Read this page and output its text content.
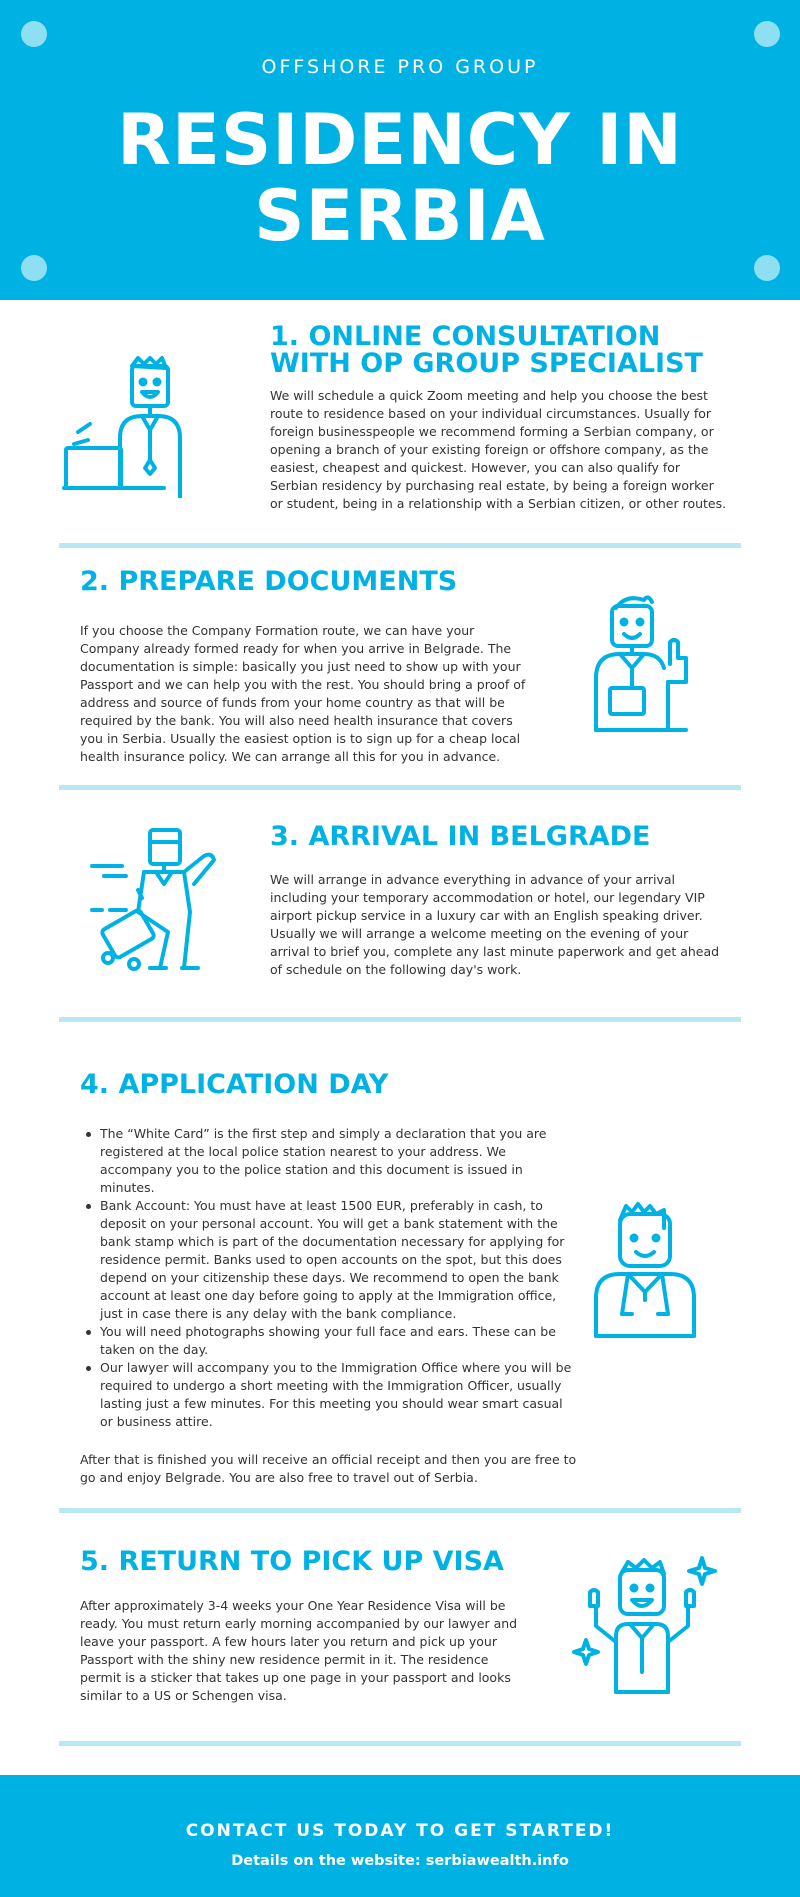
OFFSHORE PRO GROUP
RESIDENCY IN
SERBIA
1. ONLINE CONSULTATION
WITH OP GROUP SPECIALIST

We will schedule a quick Zoom meeting and help you choose the best route to residence based on your individual circumstances. Usually for foreign businesspeople we recommend forming a Serbian company, or opening a branch of your existing foreign or offshore company, as the easiest, cheapest and quickest. However, you can also qualify for Serbian residency by purchasing real estate, by being a foreign worker or student, being in a relationship with a Serbian citizen, or other routes.

2. PREPARE DOCUMENTS

If you choose the Company Formation route, we can have your Company already formed ready for when you arrive in Belgrade. The documentation is simple: basically you just need to show up with your Passport and we can help you with the rest. You should bring a proof of address and source of funds from your home country as that will be required by the bank. You will also need health insurance that covers you in Serbia. Usually the easiest option is to sign up for a cheap local health insurance policy. We can arrange all this for you in advance.

3. ARRIVAL IN BELGRADE

We will arrange in advance everything in advance of your arrival including your temporary accommodation or hotel, our legendary VIP airport pickup service in a luxury car with an English speaking driver. Usually we will arrange a welcome meeting on the evening of your arrival to brief you, complete any last minute paperwork and get ahead of schedule on the following day's work.

4. APPLICATION DAY
The “White Card” is the first step and simply a declaration that you are registered at the local police station nearest to your address. We accompany you to the police station and this document is issued in minutes.
Bank Account: You must have at least 1500 EUR, preferably in cash, to deposit on your personal account. You will get a bank statement with the bank stamp which is part of the documentation necessary for applying for residence permit. Banks used to open accounts on the spot, but this does depend on your citizenship these days. We recommend to open the bank account at least one day before going to apply at the Immigration office, just in case there is any delay with the bank compliance.
You will need photographs showing your full face and ears. These can be taken on the day.
Our lawyer will accompany you to the Immigration Office where you will be required to undergo a short meeting with the Immigration Officer, usually lasting just a few minutes. For this meeting you should wear smart casual or business attire.

After that is finished you will receive an official receipt and then you are free to go and enjoy Belgrade. You are also free to travel out of Serbia.

5. RETURN TO PICK UP VISA

After approximately 3-4 weeks your One Year Residence Visa will be ready. You must return early morning accompanied by our lawyer and leave your passport. A few hours later you return and pick up your Passport with the shiny new residence permit in it. The residence permit is a sticker that takes up one page in your passport and looks similar to a US or Schengen visa.

CONTACT US TODAY TO GET STARTED!
Details on the website: serbiawealth.info
